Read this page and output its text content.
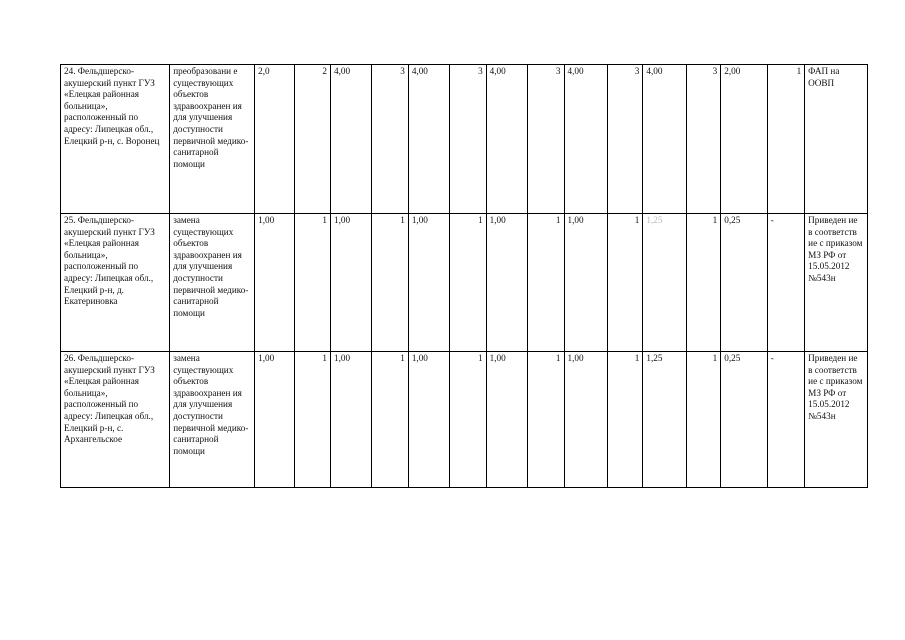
24. Фельдшерско-акушерский пункт ГУЗ «Елецкая районная больница», расположенный по адресу: Липецкая обл., Елецкий р-н, с. Воронец	преобразовани е существующих объектов здравоохранен ия для улучшения доступности первичной медико-санитарной помощи	2,0	2	4,00	3	4,00	3	4,00	3	4,00	3	4,00	3	2,00	1	ФАП на ООВП
25. Фельдшерско-акушерский пункт ГУЗ «Елецкая районная больница», расположенный по адресу: Липецкая обл., Елецкий р-н, д. Екатериновка	замена существующих объектов здравоохранен ия для улучшения доступности первичной медико-санитарной помощи	1,00	1	1,00	1	1,00	1	1,00	1	1,00	1	1,25	1	0,25	-	Приведен ие в соответств ие с приказом МЗ РФ от 15.05.2012 №543н
26. Фельдшерско-акушерский пункт ГУЗ «Елецкая районная больница», расположенный по адресу: Липецкая обл., Елецкий р-н, с. Архангельское	замена существующих объектов здравоохранен ия для улучшения доступности первичной медико-санитарной помощи	1,00	1	1,00	1	1,00	1	1,00	1	1,00	1	1,25	1	0,25	-	Приведен ие в соответств ие с приказом МЗ РФ от 15.05.2012 №543н
